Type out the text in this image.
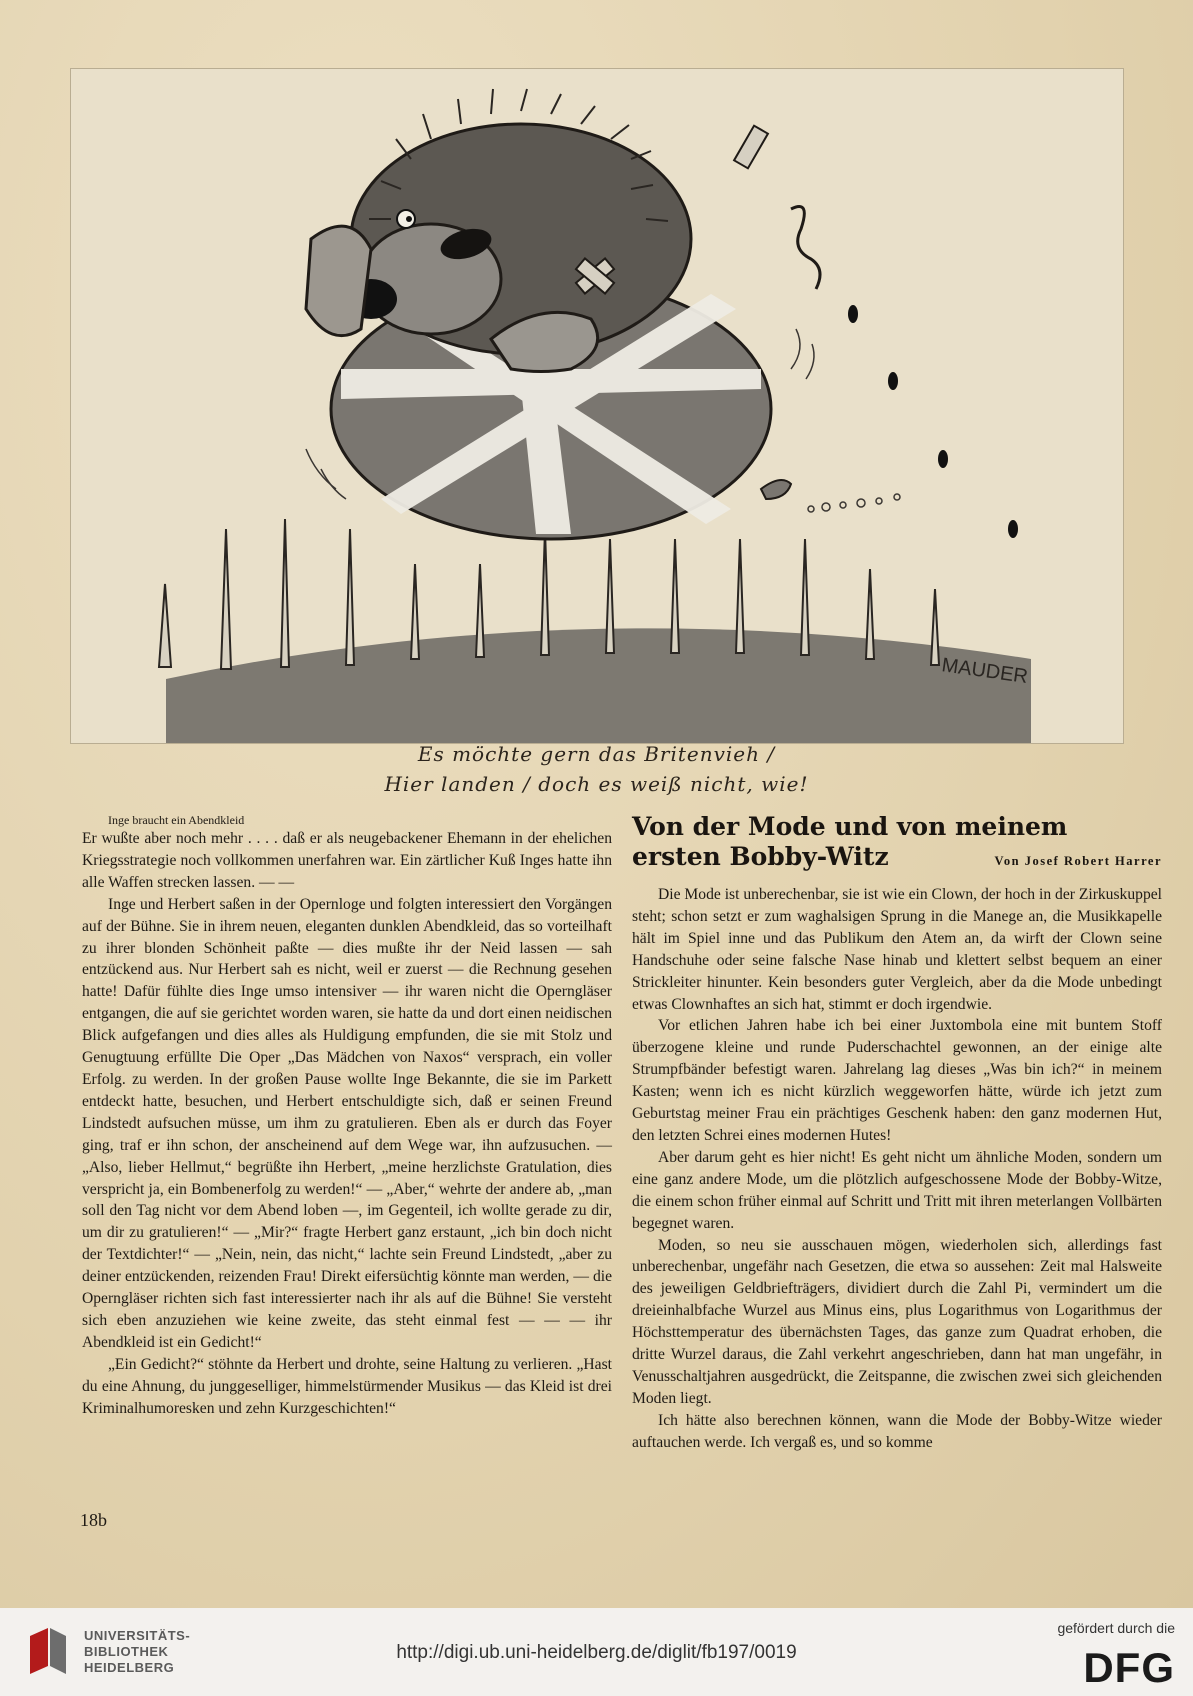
MAUDER
Es möchte gern das Britenvieh /
Hier landen / doch es weiß nicht, wie!

Inge braucht ein Abendkleid

Er wußte aber noch mehr . . . . daß er als neugebackener Ehemann in der ehelichen Kriegsstrategie noch vollkommen unerfahren war. Ein zärtlicher Kuß Inges hatte ihn alle Waffen strecken lassen. — —

Inge und Herbert saßen in der Opernloge und folgten interessiert den Vorgängen auf der Bühne. Sie in ihrem neuen, eleganten dunklen Abendkleid, das so vorteilhaft zu ihrer blonden Schönheit paßte — dies mußte ihr der Neid lassen — sah entzückend aus. Nur Herbert sah es nicht, weil er zuerst — die Rechnung gesehen hatte! Dafür fühlte dies Inge umso intensiver — ihr waren nicht die Operngläser entgangen, die auf sie gerichtet worden waren, sie hatte da und dort einen neidischen Blick aufgefangen und dies alles als Huldigung empfunden, die sie mit Stolz und Genugtuung erfüllte Die Oper „Das Mädchen von Naxos“ versprach, ein voller Erfolg. zu werden. In der großen Pause wollte Inge Bekannte, die sie im Parkett entdeckt hatte, besuchen, und Herbert entschuldigte sich, daß er seinen Freund Lindstedt aufsuchen müsse, um ihm zu gratulieren. Eben als er durch das Foyer ging, traf er ihn schon, der anscheinend auf dem Wege war, ihn aufzusuchen. — „Also, lieber Hellmut,“ begrüßte ihn Herbert, „meine herzlichste Gratulation, dies verspricht ja, ein Bombenerfolg zu werden!“ — „Aber,“ wehrte der andere ab, „man soll den Tag nicht vor dem Abend loben —, im Gegenteil, ich wollte gerade zu dir, um dir zu gratulieren!“ — „Mir?“ fragte Herbert ganz erstaunt, „ich bin doch nicht der Textdichter!“ — „Nein, nein, das nicht,“ lachte sein Freund Lindstedt, „aber zu deiner entzückenden, reizenden Frau! Direkt eifersüchtig könnte man werden, — die Operngläser richten sich fast interessierter nach ihr als auf die Bühne! Sie versteht sich eben anzuziehen wie keine zweite, das steht einmal fest — — — ihr Abendkleid ist ein Gedicht!“

„Ein Gedicht?“ stöhnte da Herbert und drohte, seine Haltung zu verlieren. „Hast du eine Ahnung, du junggeselliger, himmelstürmender Musikus — das Kleid ist drei Kriminalhumoresken und zehn Kurzgeschichten!“

Von der Mode und von meinem
ersten Bobby-Witz	Von Josef Robert Harrer

Die Mode ist unberechenbar, sie ist wie ein Clown, der hoch in der Zirkuskuppel steht; schon setzt er zum waghalsigen Sprung in die Manege an, die Musikkapelle hält im Spiel inne und das Publikum den Atem an, da wirft der Clown seine Handschuhe oder seine falsche Nase hinab und klettert selbst bequem an einer Strickleiter hinunter. Kein besonders guter Vergleich, aber da die Mode unbedingt etwas Clownhaftes an sich hat, stimmt er doch irgendwie.

Vor etlichen Jahren habe ich bei einer Juxtombola eine mit buntem Stoff überzogene kleine und runde Puderschachtel gewonnen, an der einige alte Strumpfbänder befestigt waren. Jahrelang lag dieses „Was bin ich?“ in meinem Kasten; wenn ich es nicht kürzlich weggeworfen hätte, würde ich jetzt zum Geburtstag meiner Frau ein prächtiges Geschenk haben: den ganz modernen Hut, den letzten Schrei eines modernen Hutes!

Aber darum geht es hier nicht! Es geht nicht um ähnliche Moden, sondern um eine ganz andere Mode, um die plötzlich aufgeschossene Mode der Bobby-Witze, die einem schon früher einmal auf Schritt und Tritt mit ihren meterlangen Vollbärten begegnet waren.

Moden, so neu sie ausschauen mögen, wiederholen sich, allerdings fast unberechenbar, ungefähr nach Gesetzen, die etwa so aussehen: Zeit mal Halsweite des jeweiligen Geldbriefträgers, dividiert durch die Zahl Pi, vermindert um die dreieinhalbfache Wurzel aus Minus eins, plus Logarithmus von Logarithmus der Höchsttemperatur des übernächsten Tages, das ganze zum Quadrat erhoben, die dritte Wurzel daraus, die Zahl verkehrt angeschrieben, dann hat man ungefähr, in Venusschaltjahren ausgedrückt, die Zeitspanne, die zwischen zwei sich gleichenden Moden liegt.

Ich hätte also berechnen können, wann die Mode der Bobby-Witze wieder auftauchen werde. Ich vergaß es, und so komme

18b
UNIVERSITÄTS-
BIBLIOTHEK
HEIDELBERG
http://digi.ub.uni-heidelberg.de/diglit/fb197/0019
gefördert durch die
DFG
